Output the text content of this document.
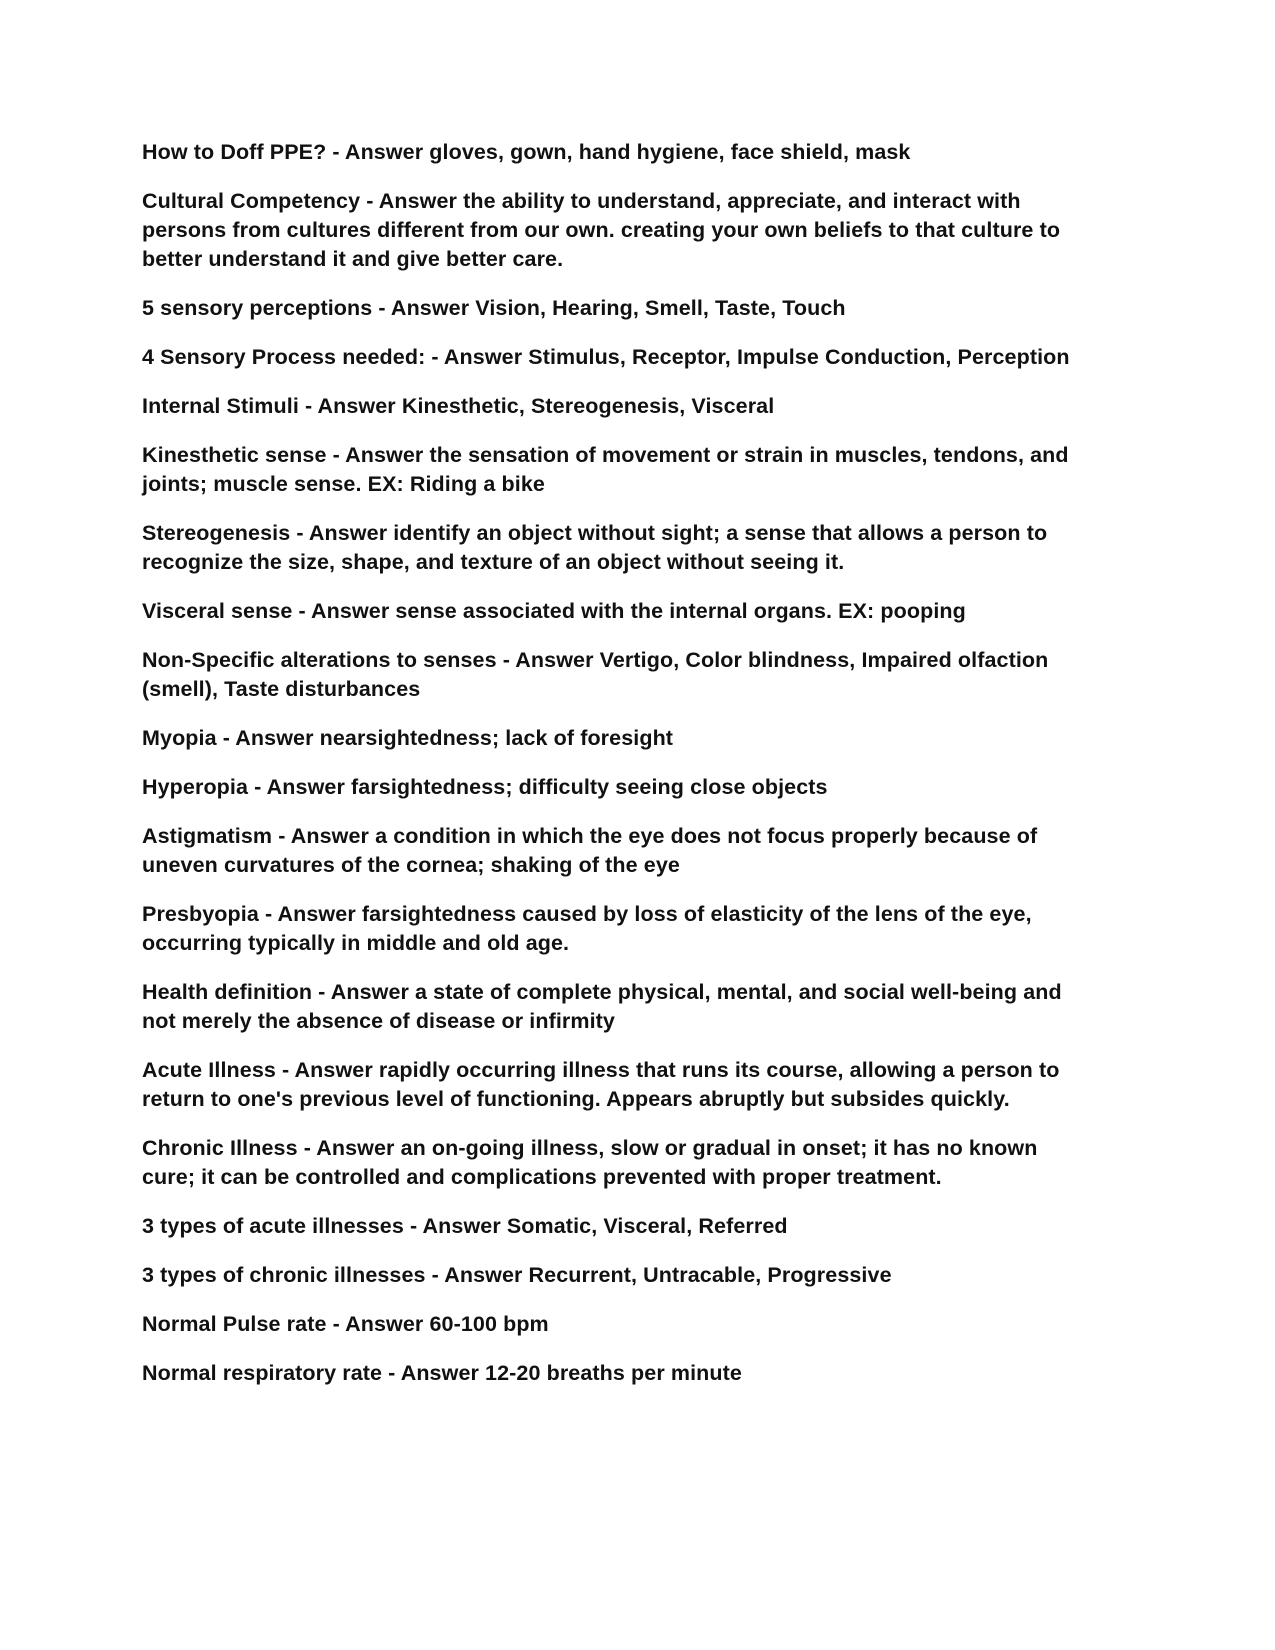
How to Doff PPE? - Answer gloves, gown, hand hygiene, face shield, mask

Cultural Competency - Answer the ability to understand, appreciate, and interact with persons from cultures different from our own. creating your own beliefs to that culture to better understand it and give better care.

5 sensory perceptions - Answer Vision, Hearing, Smell, Taste, Touch

4 Sensory Process needed: - Answer Stimulus, Receptor, Impulse Conduction, Perception

Internal Stimuli - Answer Kinesthetic, Stereogenesis, Visceral

Kinesthetic sense - Answer the sensation of movement or strain in muscles, tendons, and joints; muscle sense. EX: Riding a bike

Stereogenesis - Answer identify an object without sight; a sense that allows a person to recognize the size, shape, and texture of an object without seeing it.

Visceral sense - Answer sense associated with the internal organs. EX: pooping

Non-Specific alterations to senses - Answer Vertigo, Color blindness, Impaired olfaction (smell), Taste disturbances

Myopia - Answer nearsightedness; lack of foresight

Hyperopia - Answer farsightedness; difficulty seeing close objects

Astigmatism - Answer a condition in which the eye does not focus properly because of uneven curvatures of the cornea; shaking of the eye

Presbyopia - Answer farsightedness caused by loss of elasticity of the lens of the eye, occurring typically in middle and old age.

Health definition - Answer a state of complete physical, mental, and social well-being and not merely the absence of disease or infirmity

Acute Illness - Answer rapidly occurring illness that runs its course, allowing a person to return to one's previous level of functioning. Appears abruptly but subsides quickly.

Chronic Illness - Answer an on-going illness, slow or gradual in onset; it has no known cure; it can be controlled and complications prevented with proper treatment.

3 types of acute illnesses - Answer Somatic, Visceral, Referred

3 types of chronic illnesses - Answer Recurrent, Untracable, Progressive

Normal Pulse rate - Answer 60-100 bpm

Normal respiratory rate - Answer 12-20 breaths per minute
